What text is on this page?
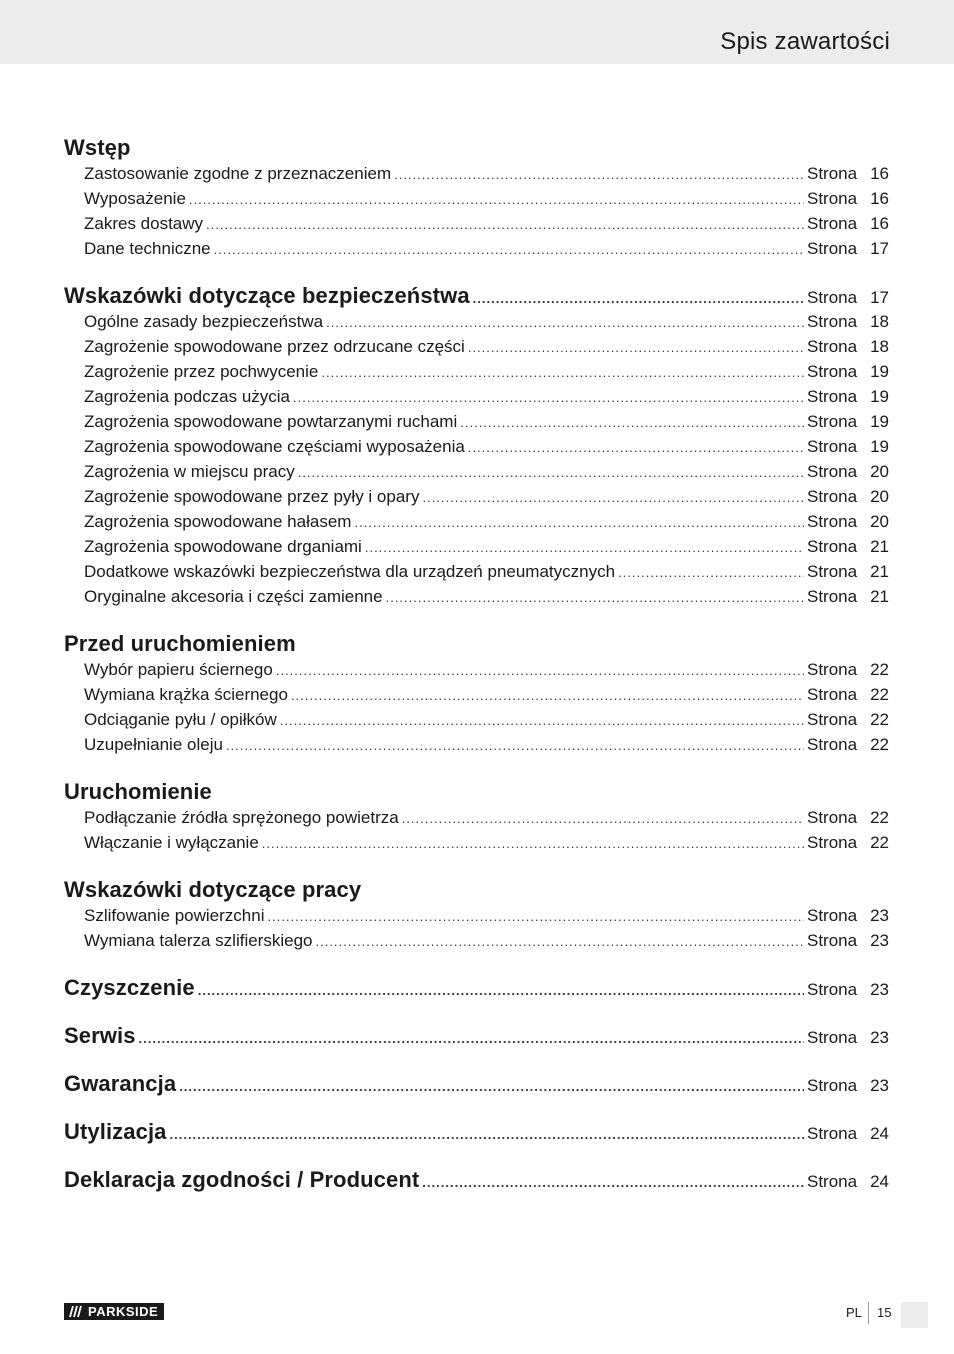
Spis zawartości
Wstęp
Zastosowanie zgodne z przeznaczeniem .....	Strona 16
Wyposażenie .....	Strona 16
Zakres dostawy .....	Strona 16
Dane techniczne .....	Strona 17
Wskazówki dotyczące bezpieczeństwa .....	Strona 17
Ogólne zasady bezpieczeństwa .....	Strona 18
Zagrożenie spowodowane przez odrzucane części .....	Strona 18
Zagrożenie przez pochwycenie .....	Strona 19
Zagrożenia podczas użycia .....	Strona 19
Zagrożenia spowodowane powtarzanymi ruchami .....	Strona 19
Zagrożenia spowodowane częściami wyposażenia .....	Strona 19
Zagrożenia w miejscu pracy .....	Strona 20
Zagrożenie spowodowane przez pyły i opary .....	Strona 20
Zagrożenia spowodowane hałasem .....	Strona 20
Zagrożenia spowodowane drganiami .....	Strona 21
Dodatkowe wskazówki bezpieczeństwa dla urządzeń pneumatycznych .....	Strona 21
Oryginalne akcesoria i części zamienne .....	Strona 21
Przed uruchomieniem
Wybór papieru ściernego .....	Strona 22
Wymiana krążka ściernego .....	Strona 22
Odciąganie pyłu / opiłków .....	Strona 22
Uzupełnianie oleju .....	Strona 22
Uruchomienie
Podłączanie źródła sprężonego powietrza .....	Strona 22
Włączanie i wyłączanie .....	Strona 22
Wskazówki dotyczące pracy
Szlifowanie powierzchni .....	Strona 23
Wymiana talerza szlifierskiego .....	Strona 23
Czyszczenie .....	Strona 23
Serwis .....	Strona 23
Gwarancja .....	Strona 23
Utylizacja .....	Strona 24
Deklaracja zgodności / Producent .....	Strona 24
PARKSIDE	PL 15
